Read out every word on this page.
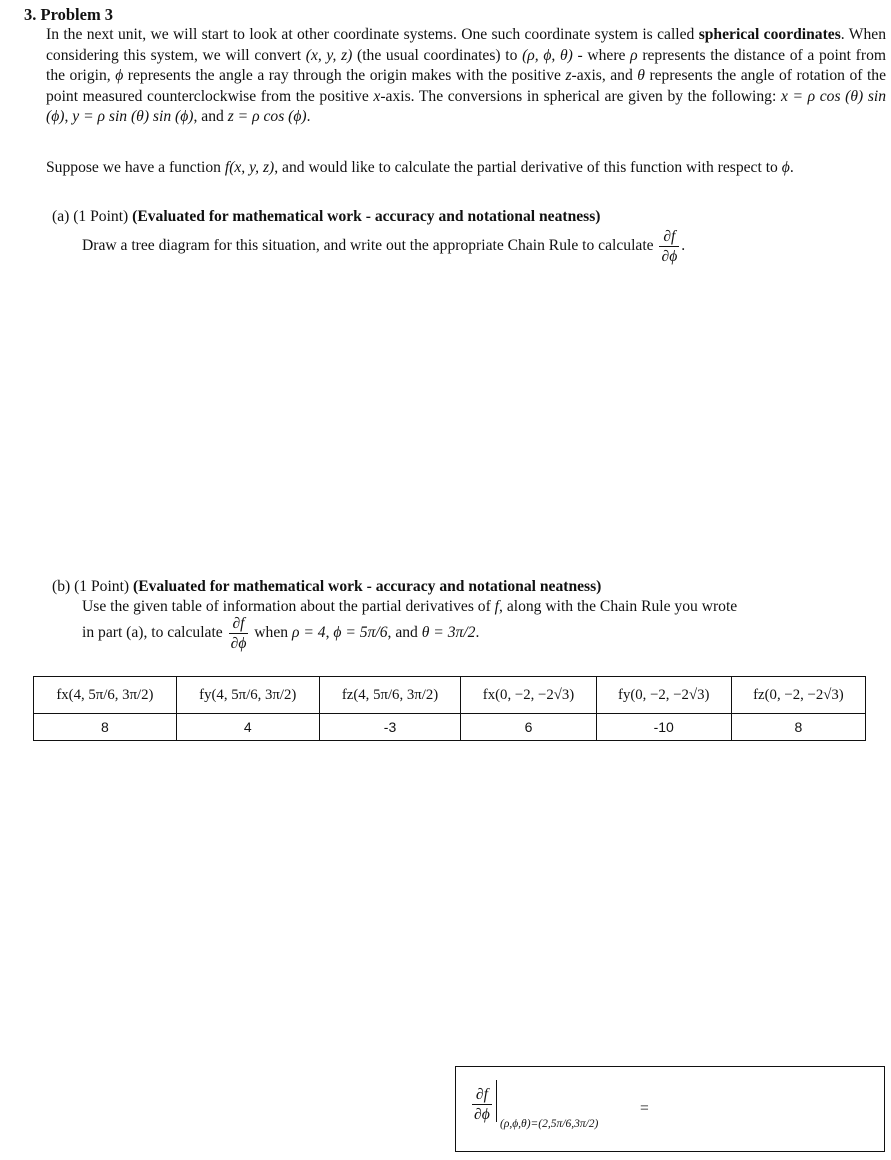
3. Problem 3
In the next unit, we will start to look at other coordinate systems. One such coordinate system is called spherical coordinates. When considering this system, we will convert (x, y, z) (the usual coordinates) to (ρ, ϕ, θ) - where ρ represents the distance of a point from the origin, ϕ represents the angle a ray through the origin makes with the positive z-axis, and θ represents the angle of rotation of the point measured counterclockwise from the positive x-axis. The conversions in spherical are given by the following: x = ρ cos (θ) sin (ϕ), y = ρ sin (θ) sin (ϕ), and z = ρ cos (ϕ).
Suppose we have a function f(x, y, z), and would like to calculate the partial derivative of this function with respect to ϕ.
(a) (1 Point) (Evaluated for mathematical work - accuracy and notational neatness)
Draw a tree diagram for this situation, and write out the appropriate Chain Rule to calculate $\frac{\partial f}{\partial\phi}$ .
(b) (1 Point) (Evaluated for mathematical work - accuracy and notational neatness)
Use the given table of information about the partial derivatives of f, along with the Chain Rule you wrote
in part (a), to calculate $\frac{\partial f}{\partial\phi}$ when ρ = 4, ϕ = 5π/6, and θ = 3π/2.
fx(4, 5π/6, 3π/2)	fy(4, 5π/6, 3π/2)	fz(4, 5π/6, 3π/2)	fx(0, −2, −2√3)	fy(0, −2, −2√3)	fz(0, −2, −2√3)
8	4	-3	6	-10	8
$\frac{\partial f}{\partial\phi} (\rho,\phi,\theta)=(2,5\pi/6,3\pi/2)$
=
